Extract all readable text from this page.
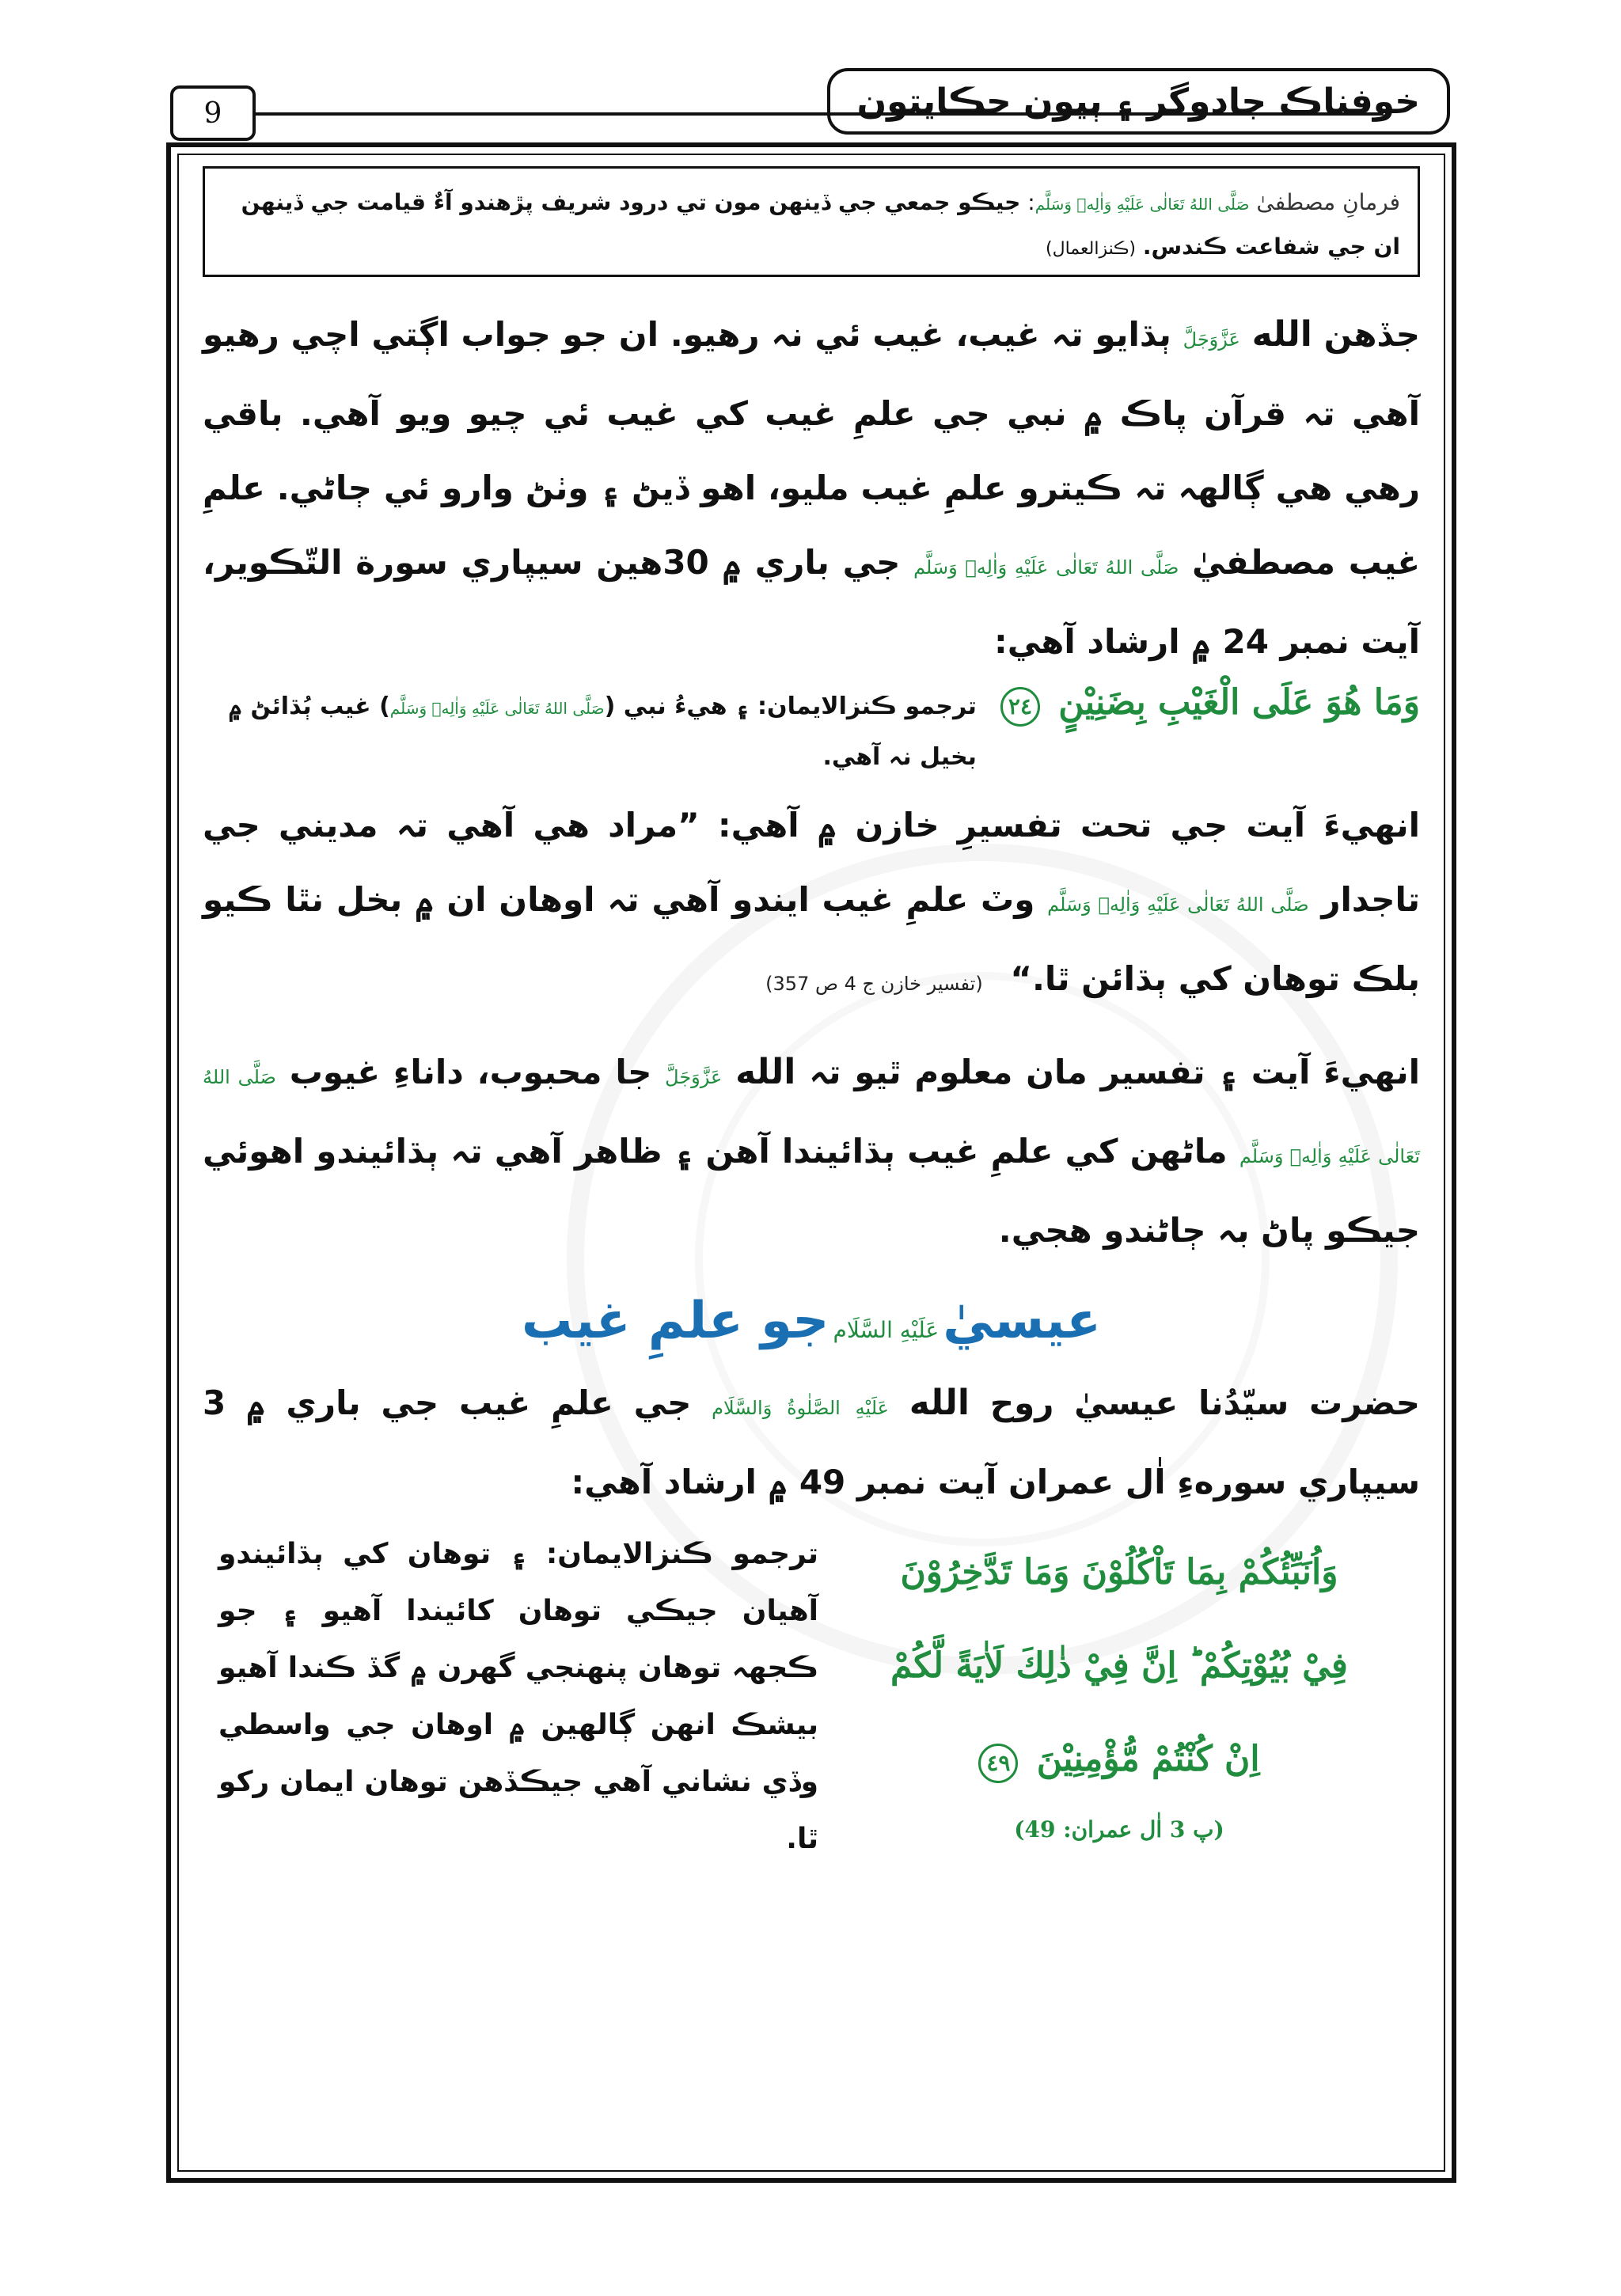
9	خوفناڪ جادوگر ۽ ٻيون حڪايتون
فرمانِ مصطفیٰ صَلَّى اللهُ تَعَالٰى عَلَيْهِ وَاٰلِهٖ وَسَلَّم: جيڪو جمعي جي ڏينهن مون تي درود شريف پڙهندو آءٌ قيامت جي ڏينهن ان جي شفاعت ڪندس. (ڪنزالعمال)
جڏهن الله عَزَّوَجَلَّ ٻڌايو تہ غيب، غيب ئي نہ رهيو. ان جو جواب اڳتي اچي رهيو آهي تہ قرآن پاڪ ۾ نبي جي علمِ غيب کي غيب ئي چيو ويو آهي. باقي رهي هي ڳالهہ تہ ڪيترو علمِ غيب مليو، اهو ڏيڻ ۽ وٺڻ وارو ئي ڄاڻي. علمِ غيب مصطفيٰ صَلَّى اللهُ تَعَالٰى عَلَيْهِ وَاٰلِهٖ وَسَلَّم جي باري ۾ 30هين سيپاري سورة التّڪوير، آيت نمبر 24 ۾ ارشاد آهي:
وَمَا هُوَ عَلَى الْغَيْبِ بِضَنِيْنٍ ٢٤
ترجمو ڪنزالايمان: ۽ هيءُ نبي (صَلَّى اللهُ تَعَالٰى عَلَيْهِ وَاٰلِهٖ وَسَلَّم) غيب ٻُڌائڻ ۾ بخيل نہ آهي.
انهيءَ آيت جي تحت تفسيرِ خازن ۾ آهي: ”مراد هي آهي تہ مديني جي تاجدار صَلَّى اللهُ تَعَالٰى عَلَيْهِ وَاٰلِهٖ وَسَلَّم وٽ علمِ غيب ايندو آهي تہ اوهان ان ۾ بخل نٿا ڪيو بلڪ توهان کي ٻڌائن ٿا.“ (تفسير خازن ج 4 ص 357)
انهيءَ آيت ۽ تفسير مان معلوم ٿيو تہ الله عَزَّوَجَلَّ جا محبوب، داناءِ غيوب صَلَّى اللهُ تَعَالٰى عَلَيْهِ وَاٰلِهٖ وَسَلَّم ماڻهن کي علمِ غيب ٻڌائيندا آهن ۽ ظاهر آهي تہ ٻڌائيندو اهوئي جيڪو پاڻ بہ ڄاڻندو هجي.
عيسيٰ عَلَيْهِ السَّلَام جو علمِ غيب
حضرت سيّدُنا عيسيٰ روح الله عَلَيْهِ الصَّلٰوةُ وَالسَّلَام جي علمِ غيب جي باري ۾ 3 سيپاري سورهءِ اٰل عمران آيت نمبر 49 ۾ ارشاد آهي:
وَاُنَبِّئُكُمْ بِمَا تَاْكُلُوْنَ وَمَا تَدَّخِرُوْنَ
فِيْ بُيُوْتِكُمْ ؕ اِنَّ فِيْ ذٰلِكَ لَاٰيَةً لَّكُمْ
اِنْ كُنْتُمْ مُّؤْمِنِيْنَ ٤٩
(پ 3 اٰل عمران: 49)
ترجمو ڪنزالايمان: ۽ توهان کي ٻڌائيندو آهيان جيڪي توهان کائيندا آهيو ۽ جو ڪجهہ توهان پنهنجي گهرن ۾ گڏ ڪندا آهيو بيشڪ انهن ڳالهين ۾ اوهان جي واسطي وڏي نشاني آهي جيڪڏهن توهان ايمان رکو ٿا.
